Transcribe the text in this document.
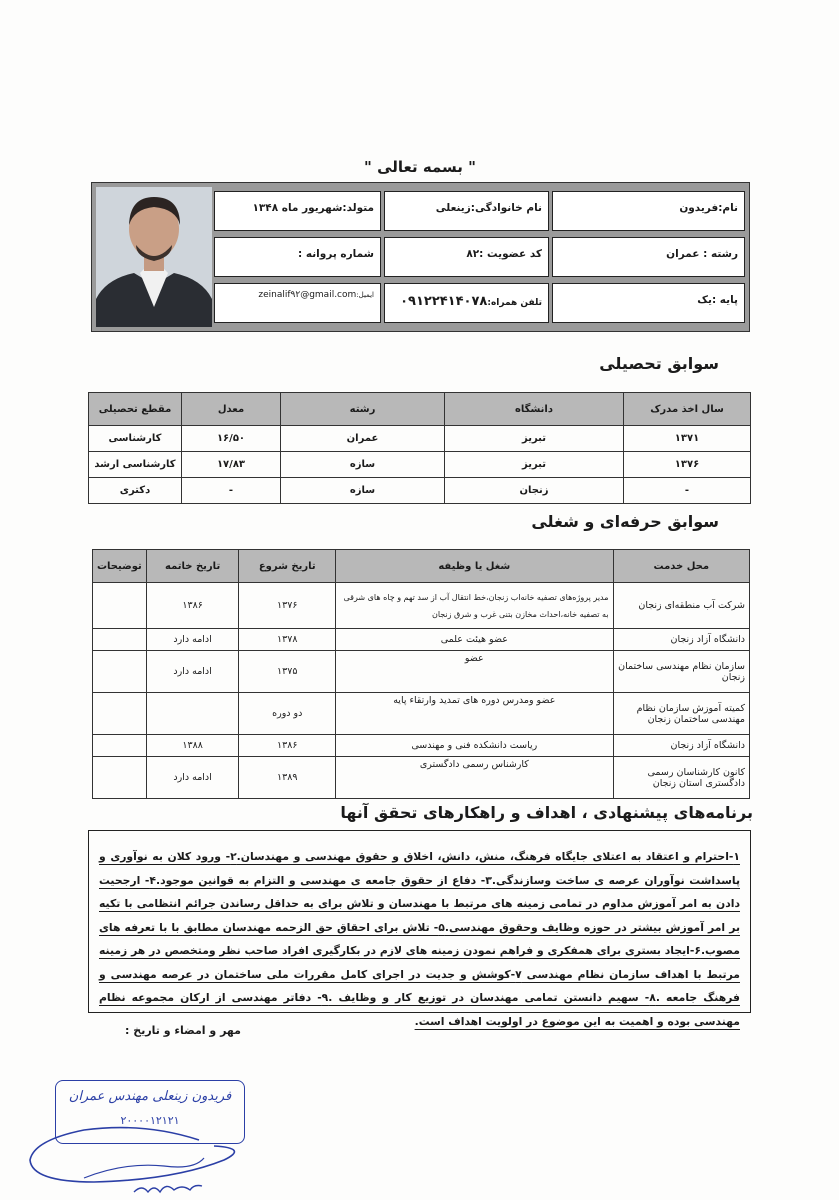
" بسمه تعالی "
نام:فریدون
نام خانوادگی:زینعلی
متولد:شهریور ماه ۱۳۴۸
رشته : عمران
کد عضویت :۸۲
شماره پروانه :
پایه :یک
تلفن همراه:۰۹۱۲۲۴۱۴۰۷۸
ایمیل:zeinalif۹۲@gmail.com
سوابق تحصیلی
سال اخذ مدرک	دانشگاه	رشته	معدل	مقطع تحصیلی
۱۳۷۱	تبریز	عمران	۱۶/۵۰	کارشناسی
۱۳۷۶	تبریز	سازه	۱۷/۸۳	کارشناسی ارشد
-	زنجان	سازه	-	دکتری
سوابق حرفه‌ای و شغلی
محل خدمت	شغل یا وظیفه	تاریخ شروع	تاریخ خاتمه	توضیحات
شرکت آب منطقه‌ای زنجان	مدیر پروژه‌های تصفیه خانه‌اب زنجان،خط انتقال آب از سد تهم و چاه های شرقی به تصفیه خانه،احداث مخازن بتنی غرب و شرق زنجان	۱۳۷۶	۱۳۸۶	
دانشگاه آزاد زنجان	عضو هیئت علمی	۱۳۷۸	ادامه دارد	
سازمان نظام مهندسی ساختمان زنجان	عضو	۱۳۷۵	ادامه دارد	
کمیته آموزش سازمان نظام مهندسی ساختمان زنجان	عضو ومدرس دوره های تمدید وارتقاء پایه	دو دوره		
دانشگاه آزاد زنجان	ریاست دانشکده فنی و مهندسی	۱۳۸۶	۱۳۸۸	
کانون کارشناسان رسمی دادگستری استان زنجان	کارشناس رسمی دادگستری	۱۳۸۹	ادامه دارد	
برنامه‌های پیشنهادی ، اهداف و راهکارهای تحقق آنها
۱-احترام و اعتقاد به اعتلای جایگاه فرهنگ، منش، دانش، اخلاق و حقوق مهندسی و مهندسان.۲- ورود کلان به نوآوری و پاسداشت نوآوران عرصه ی ساخت وسازندگی.۳- دفاع از حقوق جامعه ی مهندسی و التزام به قوانین موجود.۴- ارجحیت دادن به امر آموزش مداوم در تمامی زمینه های مرتبط با مهندسان و تلاش برای به حداقل رساندن جرائم انتظامی با تکیه بر امر آموزش بیشتر در حوزه وظایف وحقوق مهندسی.۵- تلاش برای احقاق حق الزحمه مهندسان مطابق با با تعرفه های مصوب.۶-ایجاد بستری برای همفکری و فراهم نمودن زمینه های لازم در بکارگیری افراد صاحب نظر ومتخصص در هر زمینه مرتبط با اهداف سازمان نظام مهندسی ۷-کوشش و جدیت در اجرای کامل مقررات ملی ساختمان در عرصه مهندسی و فرهنگ جامعه .۸- سهیم دانستن تمامی مهندسان در توزیع کار و وظایف .۹- دفاتر مهندسی از ارکان مجموعه نظام مهندسی بوده و اهمیت به این موضوع در اولویت اهداف است.
مهر و امضاء و تاریخ :
فریدون زینعلی مهندس عمران
۲۰۰۰۰۱۲۱۲۱
